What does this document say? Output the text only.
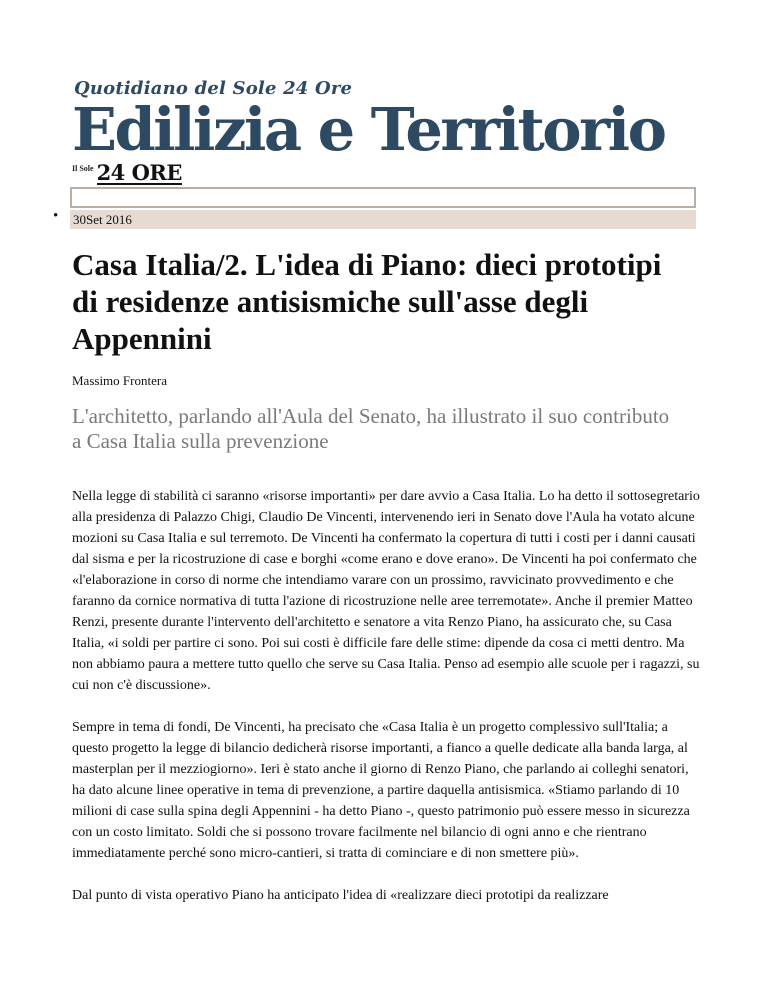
Quotidiano del Sole 24 Ore
Edilizia e Territorio
Il Sole 24 ORE
• 30Set 2016
Casa Italia/2. L'idea di Piano: dieci prototipi di residenze antisismiche sull'asse degli Appennini
Massimo Frontera
L'architetto, parlando all'Aula del Senato, ha illustrato il suo contributo a Casa Italia sulla prevenzione

Nella legge di stabilità ci saranno «risorse importanti» per dare avvio a Casa Italia. Lo ha detto il sottosegretario alla presidenza di Palazzo Chigi, Claudio De Vincenti, intervenendo ieri in Senato dove l'Aula ha votato alcune mozioni su Casa Italia e sul terremoto. De Vincenti ha confermato la copertura di tutti i costi per i danni causati dal sisma e per la ricostruzione di case e borghi «come erano e dove erano». De Vincenti ha poi confermato che «l'elaborazione in corso di norme che intendiamo varare con un prossimo, ravvicinato provvedimento e che faranno da cornice normativa di tutta l'azione di ricostruzione nelle aree terremotate». Anche il premier Matteo Renzi, presente durante l'intervento dell'architetto e senatore a vita Renzo Piano, ha assicurato che, su Casa Italia, «i soldi per partire ci sono. Poi sui costi è difficile fare delle stime: dipende da cosa ci metti dentro. Ma non abbiamo paura a mettere tutto quello che serve su Casa Italia. Penso ad esempio alle scuole per i ragazzi, su cui non c'è discussione».

Sempre in tema di fondi, De Vincenti, ha precisato che «Casa Italia è un progetto complessivo sull'Italia; a questo progetto la legge di bilancio dedicherà risorse importanti, a fianco a quelle dedicate alla banda larga, al masterplan per il mezziogiorno». Ieri è stato anche il giorno di Renzo Piano, che parlando ai colleghi senatori, ha dato alcune linee operative in tema di prevenzione, a partire daquella antisismica. «Stiamo parlando di 10 milioni di case sulla spina degli Appennini - ha detto Piano -, questo patrimonio può essere messo in sicurezza con un costo limitato. Soldi che si possono trovare facilmente nel bilancio di ogni anno e che rientrano immediatamente perché sono micro-cantieri, si tratta di cominciare e di non smettere più».

Dal punto di vista operativo Piano ha anticipato l'idea di «realizzare dieci prototipi da realizzare
